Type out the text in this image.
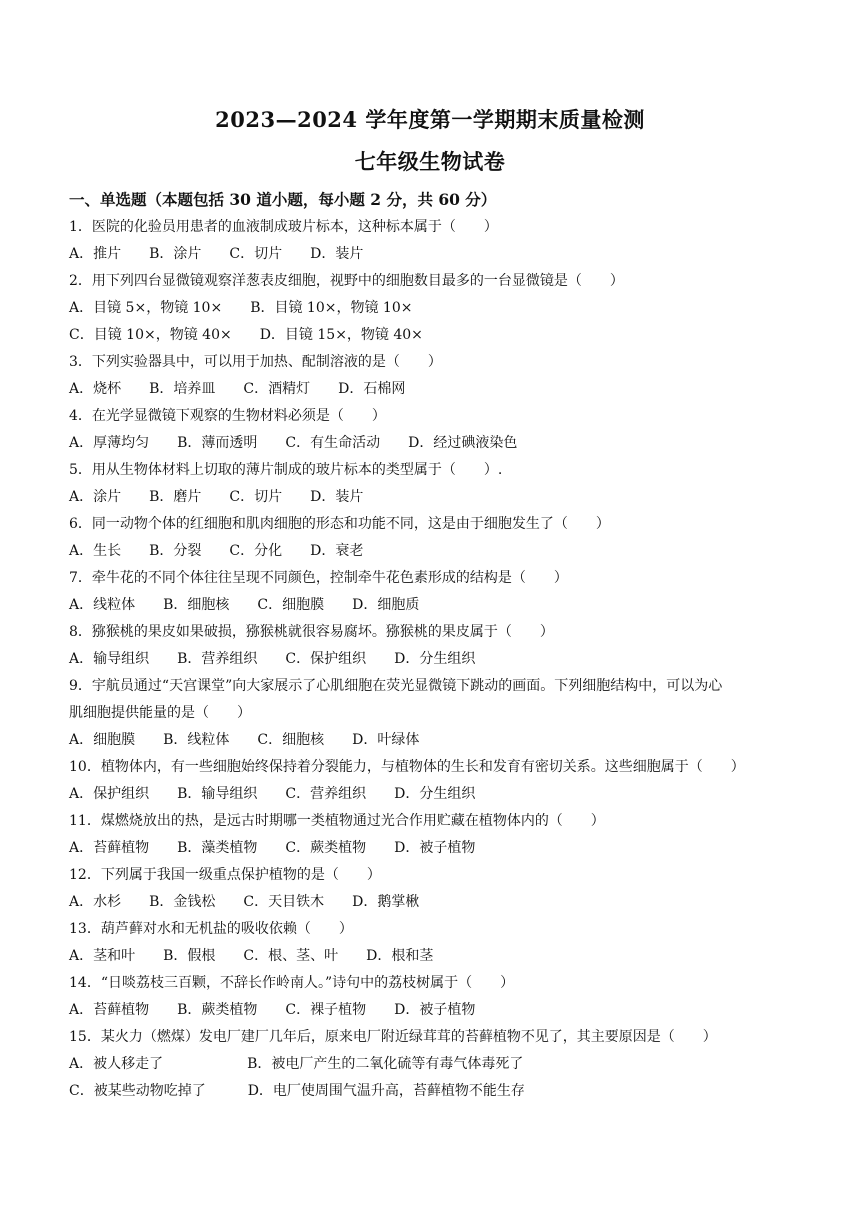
2023—2024 学年度第一学期期末质量检测
七年级生物试卷
一、单选题（本题包括 30 道小题，每小题 2 分，共 60 分）
1．医院的化验员用患者的血液制成玻片标本，这种标本属于（　　）
A．推片　　B．涂片　　C．切片　　D．装片
2．用下列四台显微镜观察洋葱表皮细胞，视野中的细胞数目最多的一台显微镜是（　　）
A．目镜 5×，物镜 10×　　B．目镜 10×，物镜 10×
C．目镜 10×，物镜 40×　　D．目镜 15×，物镜 40×
3．下列实验器具中，可以用于加热、配制溶液的是（　　）
A．烧杯　　B．培养皿　　C．酒精灯　　D．石棉网
4．在光学显微镜下观察的生物材料必须是（　　）
A．厚薄均匀　　B．薄而透明　　C．有生命活动　　D．经过碘液染色
5．用从生物体材料上切取的薄片制成的玻片标本的类型属于（　　）.
A．涂片　　B．磨片　　C．切片　　D．装片
6．同一动物个体的红细胞和肌肉细胞的形态和功能不同，这是由于细胞发生了（　　）
A．生长　　B．分裂　　C．分化　　D．衰老
7．牵牛花的不同个体往往呈现不同颜色，控制牵牛花色素形成的结构是（　　）
A．线粒体　　B．细胞核　　C．细胞膜　　D．细胞质
8．猕猴桃的果皮如果破损，猕猴桃就很容易腐坏。猕猴桃的果皮属于（　　）
A．输导组织　　B．营养组织　　C．保护组织　　D．分生组织
9．宇航员通过“天宫课堂”向大家展示了心肌细胞在荧光显微镜下跳动的画面。下列细胞结构中，可以为心
肌细胞提供能量的是（　　）
A．细胞膜　　B．线粒体　　C．细胞核　　D．叶绿体
10．植物体内，有一些细胞始终保持着分裂能力，与植物体的生长和发育有密切关系。这些细胞属于（　　）
A．保护组织　　B．输导组织　　C．营养组织　　D．分生组织
11．煤燃烧放出的热，是远古时期哪一类植物通过光合作用贮藏在植物体内的（　　）
A．苔藓植物　　B．藻类植物　　C．蕨类植物　　D．被子植物
12．下列属于我国一级重点保护植物的是（　　）
A．水杉　　B．金钱松　　C．天目铁木　　D．鹅掌楸
13．葫芦藓对水和无机盐的吸收依赖（　　）
A．茎和叶　　B．假根　　C．根、茎、叶　　D．根和茎
14．“日啖荔枝三百颗，不辞长作岭南人。”诗句中的荔枝树属于（　　）
A．苔藓植物　　B．蕨类植物　　C．裸子植物　　D．被子植物
15．某火力（燃煤）发电厂建厂几年后，原来电厂附近绿茸茸的苔藓植物不见了，其主要原因是（　　）
A．被人移走了　　　　　　B．被电厂产生的二氧化硫等有毒气体毒死了
C．被某些动物吃掉了　　　D．电厂使周围气温升高，苔藓植物不能生存
